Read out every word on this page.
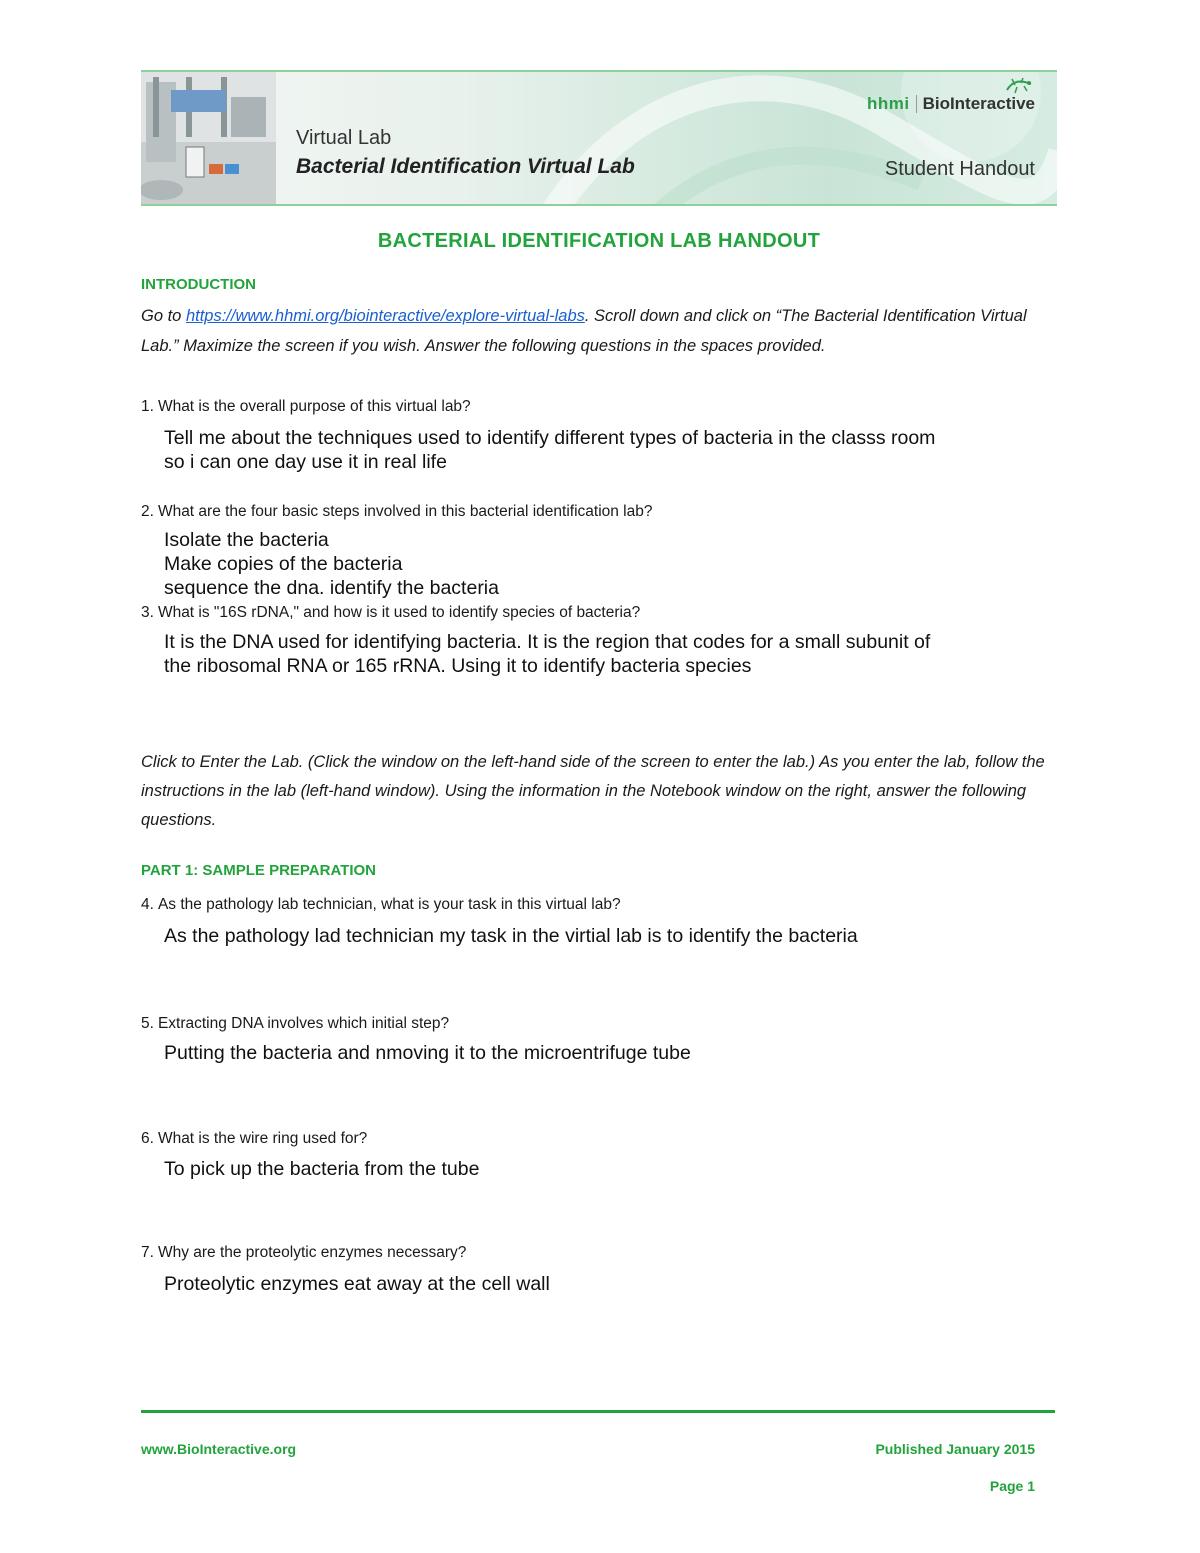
hhmi BioInteractive
Virtual Lab
Bacterial Identification Virtual Lab	Student Handout
BACTERIAL IDENTIFICATION LAB HANDOUT
INTRODUCTION
Go to https://www.hhmi.org/biointeractive/explore-virtual-labs. Scroll down and click on “The Bacterial Identification Virtual Lab.” Maximize the screen if you wish. Answer the following questions in the spaces provided.
1. What is the overall purpose of this virtual lab?
Tell me about the techniques used to identify different types of bacteria in the classs room
so i can one day use it in real life
2. What are the four basic steps involved in this bacterial identification lab?
Isolate the bacteria
Make copies of the bacteria
sequence the dna. identify the bacteria
3. What is "16S rDNA," and how is it used to identify species of bacteria?
It is the DNA used for identifying bacteria. It is the region that codes for a small subunit of
the ribosomal RNA or 165 rRNA. Using it to identify bacteria species
Click to Enter the Lab. (Click the window on the left-hand side of the screen to enter the lab.) As you enter the lab, follow the instructions in the lab (left-hand window). Using the information in the Notebook window on the right, answer the following questions.
PART 1: SAMPLE PREPARATION
4. As the pathology lab technician, what is your task in this virtual lab?
As the pathology lad technician my task in the virtial lab is to identify the bacteria
5. Extracting DNA involves which initial step?
Putting the bacteria and nmoving it to the microentrifuge tube
6. What is the wire ring used for?
To pick up the bacteria from the tube
7. Why are the proteolytic enzymes necessary?
Proteolytic enzymes eat away at the cell wall
www.BioInteractive.org	Published January 2015
Page 1
